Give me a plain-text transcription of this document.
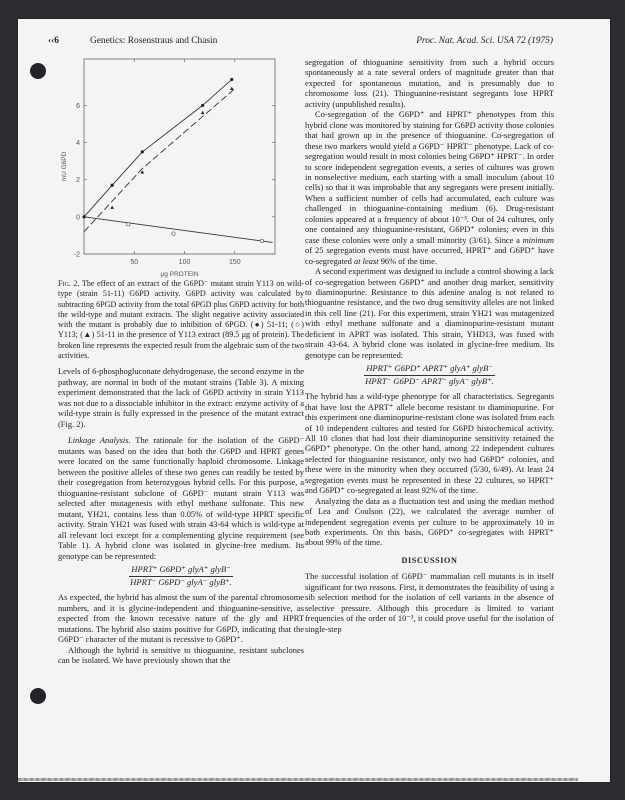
‹‹6	Genetics: Rosenstraus and Chasin	Proc. Nat. Acad. Sci. USA 72 (1975)
50	100	150
-2
0
2
4
6
μg PROTEIN
mU G6PD
Fig. 2. The effect of an extract of the G6PD⁻ mutant strain Y113 on wild-type (strain 51-11) G6PD activity. G6PD activity was calculated by subtracting 6PGD activity from the total 6PGD plus G6PD activity for both the wild-type and mutant extracts. The slight negative activity associated with the mutant is probably due to inhibition of 6PGD. (●) 51-11; (○) Y113; (▲) 51-11 in the presence of Y113 extract (89.5 μg of protein). The broken line represents the expected result from the algebraic sum of the two activities.

Levels of 6-phosphogluconate dehydrogenase, the second enzyme in the pathway, are normal in both of the mutant strains (Table 3). A mixing experiment demonstrated that the lack of G6PD activity in strain Y113 was not due to a dissociable inhibitor in the extract: enzyme activity of a wild-type strain is fully expressed in the presence of the mutant extract (Fig. 2).

Linkage Analysis. The rationale for the isolation of the G6PD⁻ mutants was based on the idea that both the G6PD and HPRT genes were located on the same functionally haploid chromosome. Linkage between the positive alleles of these two genes can readily be tested by their cosegregation from heterozygous hybrid cells. For this purpose, a thioguanine-resistant subclone of G6PD⁻ mutant strain Y113 was selected after mutagenesis with ethyl methane sulfonate. This new mutant, YH21, contains less than 0.05% of wild-type HPRT specific activity. Strain YH21 was fused with strain 43-64 which is wild-type at all relevant loci except for a complementing glycine requirement (see Table 1). A hybrid clone was isolated in glycine-free medium. Its genotype can be represented:

HPRT⁺ G6PD⁺ glyA⁺ glyB⁻
HPRT⁻ G6PD⁻ glyA⁻ glyB⁺.

As expected, the hybrid has almost the sum of the parental chromosome numbers, and it is glycine-independent and thioguanine-sensitive, as expected from the known recessive nature of the gly and HPRT mutations. The hybrid also stains positive for G6PD, indicating that the G6PD⁻ character of the mutant is recessive to G6PD⁺.

Although the hybrid is sensitive to thioguanine, resistant subclones can be isolated. We have previously shown that the

segregation of thioguanine sensitivity from such a hybrid occurs spontaneously at a rate several orders of magnitude greater than that expected for spontaneous mutation, and is presumably due to chromosome loss (21). Thioguanine-resistant segregants lose HPRT activity (unpublished results).

Co-segregation of the G6PD⁺ and HPRT⁺ phenotypes from this hybrid clone was monitored by staining for G6PD activity those colonies that had grown up in the presence of thioguanine. Co-segregation of these two markers would yield a G6PD⁻ HPRT⁻ phenotype. Lack of co-segregation would result in most colonies being G6PD⁺ HPRT⁻. In order to score independent segregation events, a series of cultures was grown in nonselective medium, each starting with a small inoculum (about 10 cells) so that it was improbable that any segregants were present initially. When a sufficient number of cells had accumulated, each culture was challenged in thioguanine-containing medium (6). Drug-resistant colonies appeared at a frequency of about 10⁻³. Out of 24 cultures, only one contained any thioguanine-resistant, G6PD⁺ colonies; even in this case these colonies were only a small minority (3/61). Since a minimum of 25 segregation events must have occurred, HPRT⁺ and G6PD⁺ have co-segregated at least 96% of the time.

A second experiment was designed to include a control showing a lack of co-segregation between G6PD⁺ and another drug marker, sensitivity to diaminopurine. Resistance to this adenine analog is not related to thioguanine resistance, and the two drug sensitivity alleles are not linked in this cell line (21). For this experiment, strain YH21 was mutagenized with ethyl methane sulfonate and a diaminopurine-resistant mutant deficient in APRT was isolated. This strain, YHD13, was fused with strain 43-64. A hybrid clone was isolated in glycine-free medium. Its genotype can be represented:

HPRT⁺ G6PD⁺ APRT⁺ glyA⁺ glyB⁻
HPRT⁻ G6PD⁻ APRT⁻ glyA⁻ glyB⁺.

The hybrid has a wild-type phenotype for all characteristics. Segregants that have lost the APRT⁺ allele become resistant to diaminopurine. For this experiment one diaminopurine-resistant clone was isolated from each of 10 independent cultures and tested for G6PD histochemical activity. All 10 clones that had lost their diaminopurine sensitivity retained the G6PD⁺ phenotype. On the other hand, among 22 independent cultures selected for thioguanine resistance, only two had G6PD⁺ colonies, and these were in the minority when they occurred (5/30, 6/49). At least 24 segregation events must be represented in these 22 cultures, so HPRT⁺ and G6PD⁺ co-segregated at least 92% of the time.

Analyzing the data as a fluctuation test and using the median method of Lea and Coulson (22), we calculated the average number of independent segregation events per culture to be approximately 10 in both experiments. On this basis, G6PD⁺ co-segregates with HPRT⁺ about 99% of the time.

DISCUSSION

The successful isolation of G6PD⁻ mammalian cell mutants is in itself significant for two reasons. First, it demonstrates the feasibility of using a sib selection method for the isolation of cell variants in the absence of selective pressure. Although this procedure is limited to variant frequencies of the order of 10⁻³, it could prove useful for the isolation of single-step
